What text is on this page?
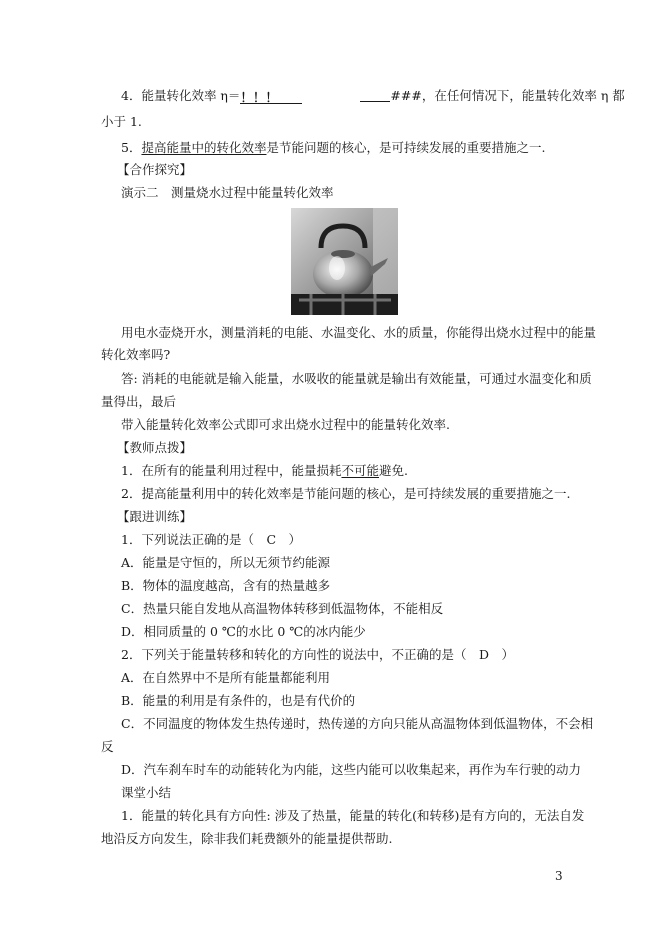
4．能量转化效率 η＝！！！	###，在任何情况下，能量转化效率 η 都
小于 1.
5．提高能量中的转化效率是节能问题的核心，是可持续发展的重要措施之一.
【合作探究】
演示二　测量烧水过程中能量转化效率
用电水壶烧开水，测量消耗的电能、水温变化、水的质量，你能得出烧水过程中的能量
转化效率吗?
答: 消耗的电能就是输入能量，水吸收的能量就是输出有效能量，可通过水温变化和质
量得出，最后
带入能量转化效率公式即可求出烧水过程中的能量转化效率.
【教师点拨】
1．在所有的能量利用过程中，能量损耗不可能避免.
2．提高能量利用中的转化效率是节能问题的核心，是可持续发展的重要措施之一.
【跟进训练】
1．下列说法正确的是（　C　）
A．能量是守恒的，所以无须节约能源
B．物体的温度越高，含有的热量越多
C．热量只能自发地从高温物体转移到低温物体，不能相反
D．相同质量的 0 ℃的水比 0 ℃的冰内能少
2．下列关于能量转移和转化的方向性的说法中，不正确的是（　D　）
A．在自然界中不是所有能量都能利用
B．能量的利用是有条件的，也是有代价的
C．不同温度的物体发生热传递时，热传递的方向只能从高温物体到低温物体，不会相
反
D．汽车刹车时车的动能转化为内能，这些内能可以收集起来，再作为车行驶的动力
课堂小结
1．能量的转化具有方向性: 涉及了热量，能量的转化(和转移)是有方向的，无法自发
地沿反方向发生，除非我们耗费额外的能量提供帮助.
3
